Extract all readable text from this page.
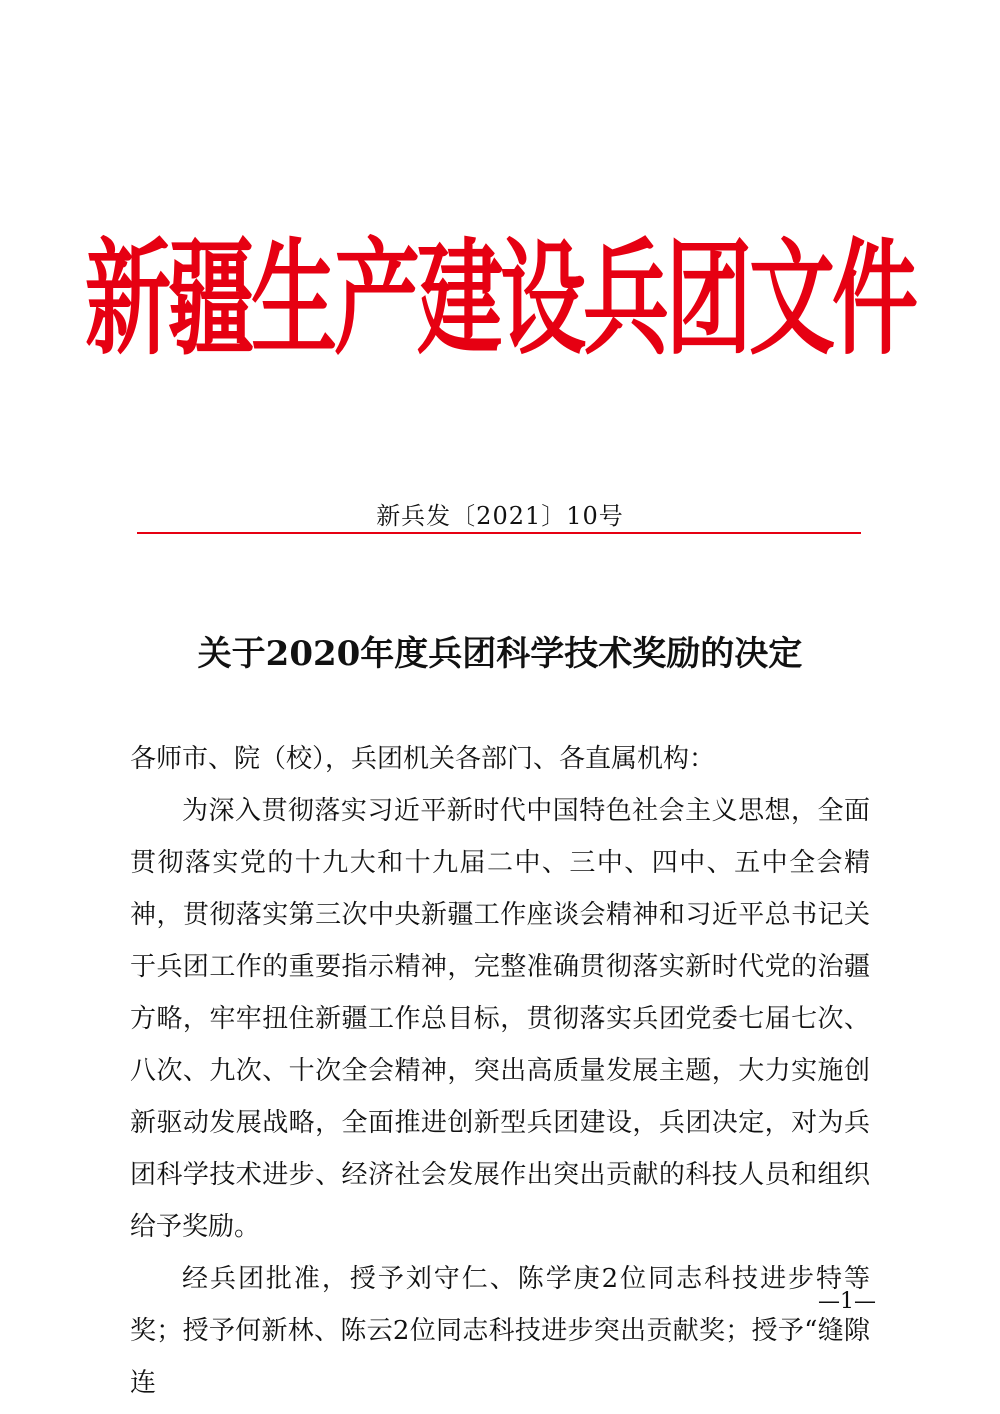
新疆生产建设兵团文件
新兵发〔2021〕10号
关于2020年度兵团科学技术奖励的决定

各师市、院（校），兵团机关各部门、各直属机构：

为深入贯彻落实习近平新时代中国特色社会主义思想，全面贯彻落实党的十九大和十九届二中、三中、四中、五中全会精神，贯彻落实第三次中央新疆工作座谈会精神和习近平总书记关于兵团工作的重要指示精神，完整准确贯彻落实新时代党的治疆方略，牢牢扭住新疆工作总目标，贯彻落实兵团党委七届七次、八次、九次、十次全会精神，突出高质量发展主题，大力实施创新驱动发展战略，全面推进创新型兵团建设，兵团决定，对为兵团科学技术进步、经济社会发展作出突出贡献的科技人员和组织给予奖励。

经兵团批准，授予刘守仁、陈学庚2位同志科技进步特等奖；授予何新林、陈云2位同志科技进步突出贡献奖；授予“缝隙连

—1—
